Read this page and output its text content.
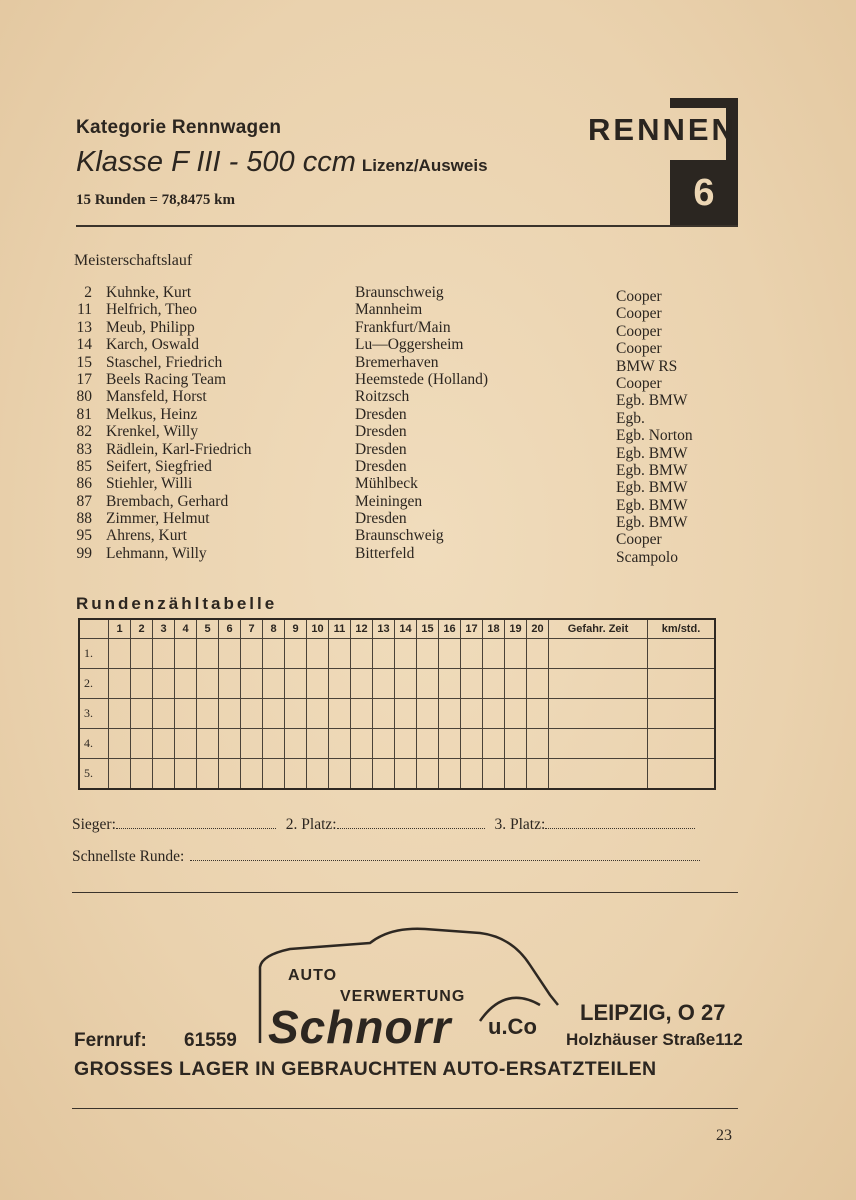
Kategorie Rennwagen
Klasse F III - 500 ccm Lizenz/Ausweis
15 Runden = 78,8475 km
RENNEN
6
Meisterschaftslauf
2 Kuhnke, Kurt	Braunschweig	Cooper
11 Helfrich, Theo	Mannheim	Cooper
13 Meub, Philipp	Frankfurt/Main	Cooper
14 Karch, Oswald	Lu—Oggersheim	Cooper
15 Staschel, Friedrich	Bremerhaven	BMW RS
17 Beels Racing Team	Heemstede (Holland)	Cooper
80 Mansfeld, Horst	Roitzsch	Egb. BMW
81 Melkus, Heinz	Dresden	Egb.
82 Krenkel, Willy	Dresden	Egb. Norton
83 Rädlein, Karl-Friedrich	Dresden	Egb. BMW
85 Seifert, Siegfried	Dresden	Egb. BMW
86 Stiehler, Willi	Mühlbeck	Egb. BMW
87 Brembach, Gerhard	Meiningen	Egb. BMW
88 Zimmer, Helmut	Dresden	Egb. BMW
95 Ahrens, Kurt	Braunschweig	Cooper
99 Lehmann, Willy	Bitterfeld	Scampolo
Rundenzähltabelle
	1	2	3	4	5	6	7	8	9	10	11	12	13	14	15	16	17	18	19	20	Gefahr. Zeit	km/std.
1.																						
2.																						
3.																						
4.																						
5.																						
Sieger:	2. Platz:	3. Platz:
Schnellste Runde:
AUTO
VERWERTUNG
Schnorr u.Co
LEIPZIG, O 27
Holzhäuser Straße112
Fernruf: 61559
GROSSES LAGER IN GEBRAUCHTEN AUTO-ERSATZTEILEN
23
